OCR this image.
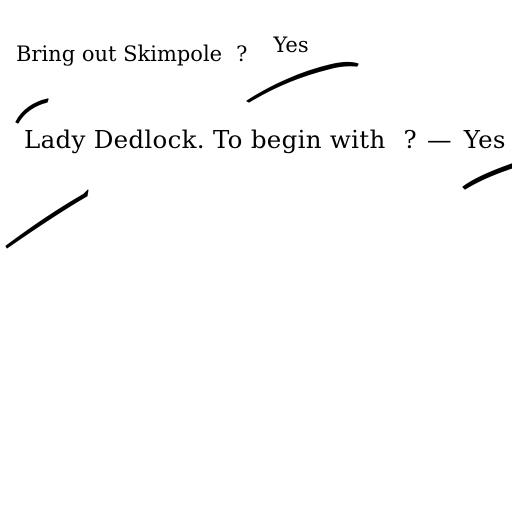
Bring out Skimpole ? Yes
Lady Dedlock. To begin with ? — Yes
